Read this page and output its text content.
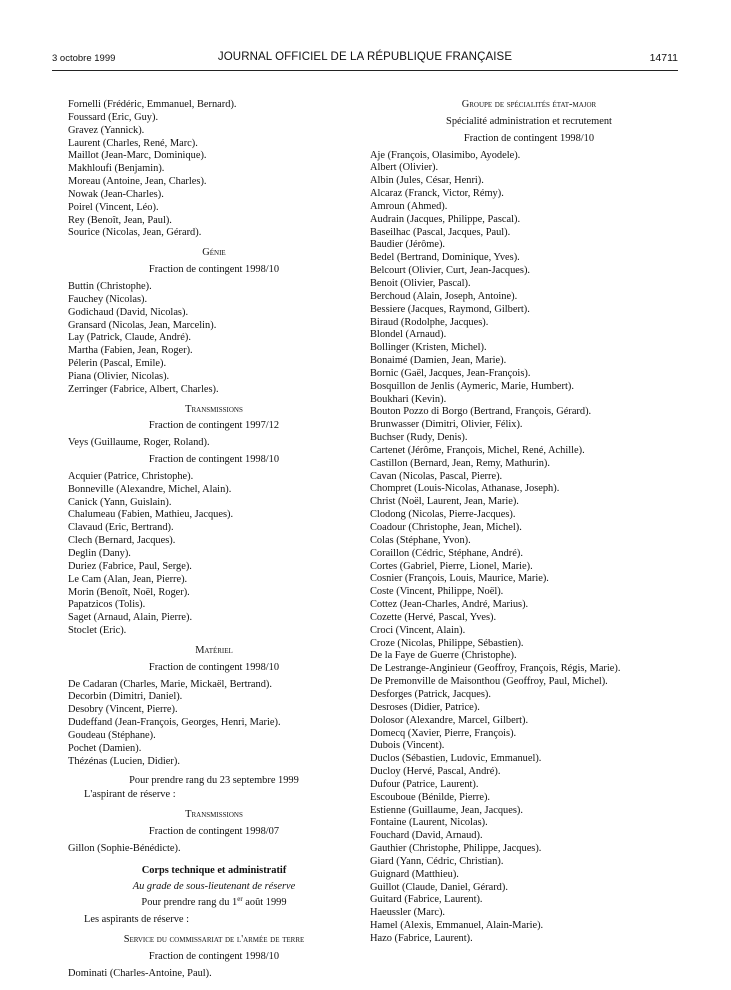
3 octobre 1999	JOURNAL OFFICIEL DE LA RÉPUBLIQUE FRANÇAISE	14711
Fornelli (Frédéric, Emmanuel, Bernard).
Foussard (Eric, Guy).
Gravez (Yannick).
Laurent (Charles, René, Marc).
Maillot (Jean-Marc, Dominique).
Makhloufi (Benjamin).
Moreau (Antoine, Jean, Charles).
Nowak (Jean-Charles).
Poirel (Vincent, Léo).
Rey (Benoît, Jean, Paul).
Sourice (Nicolas, Jean, Gérard).
Génie
Fraction de contingent 1998/10
Buttin (Christophe).
Fauchey (Nicolas).
Godichaud (David, Nicolas).
Gransard (Nicolas, Jean, Marcelin).
Lay (Patrick, Claude, André).
Martha (Fabien, Jean, Roger).
Pélerin (Pascal, Emile).
Piana (Olivier, Nicolas).
Zerringer (Fabrice, Albert, Charles).
Transmissions
Fraction de contingent 1997/12
Veys (Guillaume, Roger, Roland).
Fraction de contingent 1998/10
Acquier (Patrice, Christophe).
Bonneville (Alexandre, Michel, Alain).
Canick (Yann, Guislain).
Chalumeau (Fabien, Mathieu, Jacques).
Clavaud (Eric, Bertrand).
Clech (Bernard, Jacques).
Deglin (Dany).
Duriez (Fabrice, Paul, Serge).
Le Cam (Alan, Jean, Pierre).
Morin (Benoît, Noël, Roger).
Papatzicos (Tolis).
Saget (Arnaud, Alain, Pierre).
Stoclet (Eric).
Matériel
Fraction de contingent 1998/10
De Cadaran (Charles, Marie, Mickaël, Bertrand).
Decorbin (Dimitri, Daniel).
Desobry (Vincent, Pierre).
Dudeffand (Jean-François, Georges, Henri, Marie).
Goudeau (Stéphane).
Pochet (Damien).
Thézénas (Lucien, Didier).
Pour prendre rang du 23 septembre 1999
L'aspirant de réserve :
Transmissions
Fraction de contingent 1998/07
Gillon (Sophie-Bénédicte).
Corps technique et administratif
Au grade de sous-lieutenant de réserve
Pour prendre rang du 1er août 1999
Les aspirants de réserve :
Service du commissariat de l'armée de terre
Fraction de contingent 1998/10
Dominati (Charles-Antoine, Paul).
Groupe de spécialités état-major
Spécialité administration et recrutement
Fraction de contingent 1998/10
Aje (François, Olasimibo, Ayodele).
Albert (Olivier).
Albin (Jules, César, Henri).
Alcaraz (Franck, Victor, Rémy).
Amroun (Ahmed).
Audrain (Jacques, Philippe, Pascal).
Baseilhac (Pascal, Jacques, Paul).
Baudier (Jérôme).
Bedel (Bertrand, Dominique, Yves).
Belcourt (Olivier, Curt, Jean-Jacques).
Benoit (Olivier, Pascal).
Berchoud (Alain, Joseph, Antoine).
Bessiere (Jacques, Raymond, Gilbert).
Biraud (Rodolphe, Jacques).
Blondel (Arnaud).
Bollinger (Kristen, Michel).
Bonaimé (Damien, Jean, Marie).
Bornic (Gaël, Jacques, Jean-François).
Bosquillon de Jenlis (Aymeric, Marie, Humbert).
Boukhari (Kevin).
Bouton Pozzo di Borgo (Bertrand, François, Gérard).
Brunwasser (Dimitri, Olivier, Félix).
Buchser (Rudy, Denis).
Cartenet (Jérôme, François, Michel, René, Achille).
Castillon (Bernard, Jean, Remy, Mathurin).
Cavan (Nicolas, Pascal, Pierre).
Chompret (Louis-Nicolas, Athanase, Joseph).
Christ (Noël, Laurent, Jean, Marie).
Clodong (Nicolas, Pierre-Jacques).
Coadour (Christophe, Jean, Michel).
Colas (Stéphane, Yvon).
Coraillon (Cédric, Stéphane, André).
Cortes (Gabriel, Pierre, Lionel, Marie).
Cosnier (François, Louis, Maurice, Marie).
Coste (Vincent, Philippe, Noël).
Cottez (Jean-Charles, André, Marius).
Cozette (Hervé, Pascal, Yves).
Croci (Vincent, Alain).
Croze (Nicolas, Philippe, Sébastien).
De la Faye de Guerre (Christophe).
De Lestrange-Anginieur (Geoffroy, François, Régis, Marie).
De Premonville de Maisonthou (Geoffroy, Paul, Michel).
Desforges (Patrick, Jacques).
Desroses (Didier, Patrice).
Dolosor (Alexandre, Marcel, Gilbert).
Domecq (Xavier, Pierre, François).
Dubois (Vincent).
Duclos (Sébastien, Ludovic, Emmanuel).
Ducloy (Hervé, Pascal, André).
Dufour (Patrice, Laurent).
Escouboue (Bénilde, Pierre).
Estienne (Guillaume, Jean, Jacques).
Fontaine (Laurent, Nicolas).
Fouchard (David, Arnaud).
Gauthier (Christophe, Philippe, Jacques).
Giard (Yann, Cédric, Christian).
Guignard (Matthieu).
Guillot (Claude, Daniel, Gérard).
Guitard (Fabrice, Laurent).
Haeussler (Marc).
Hamel (Alexis, Emmanuel, Alain-Marie).
Hazo (Fabrice, Laurent).
